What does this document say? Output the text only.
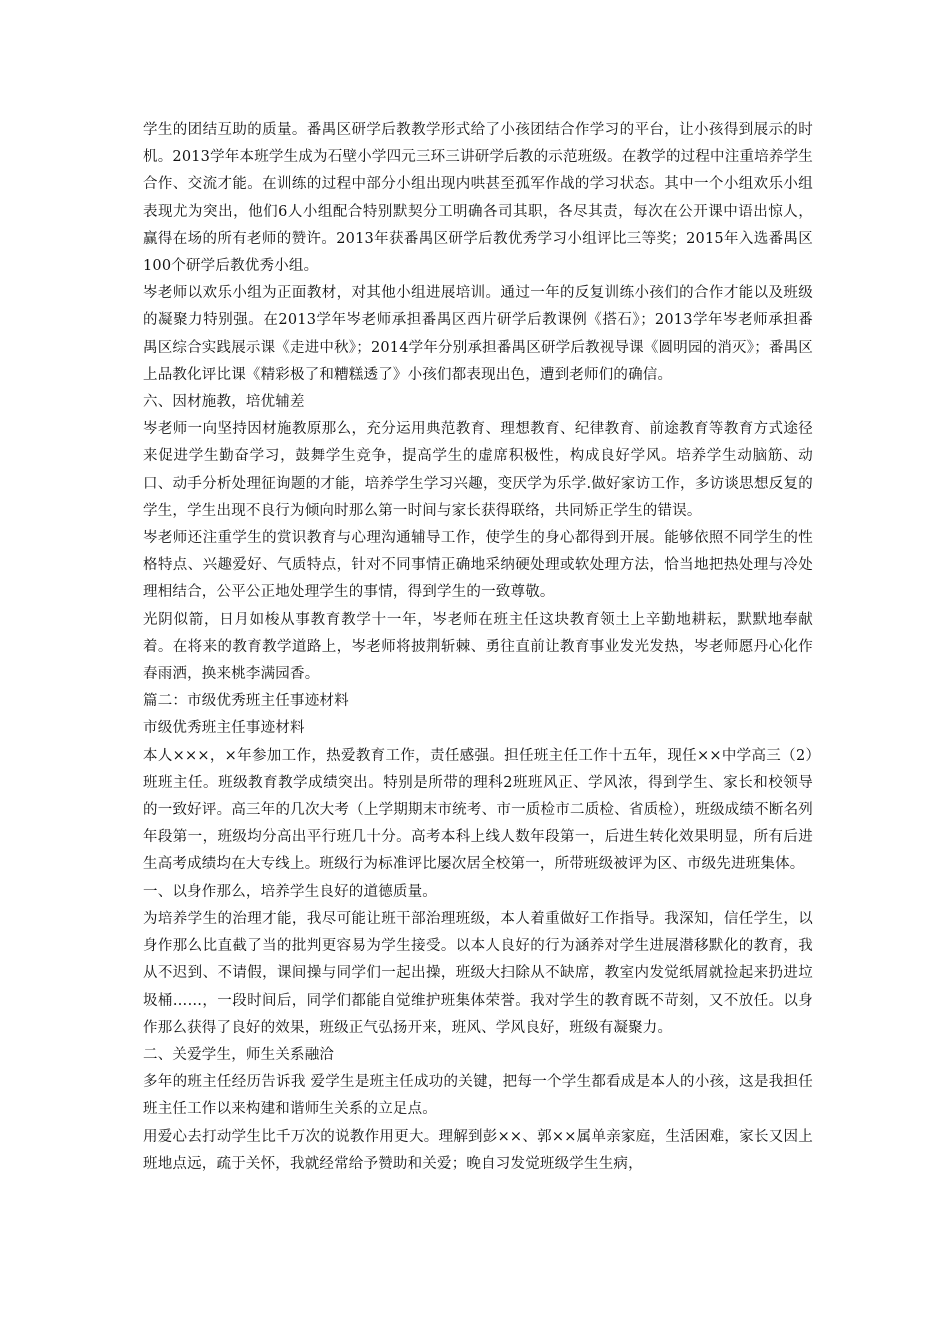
学生的团结互助的质量。番禺区研学后教教学形式给了小孩团结合作学习的平台，让小孩得到展示的时机。2013学年本班学生成为石壁小学四元三环三讲研学后教的示范班级。在教学的过程中注重培养学生合作、交流才能。在训练的过程中部分小组出现内哄甚至孤军作战的学习状态。其中一个小组欢乐小组表现尤为突出，他们6人小组配合特别默契分工明确各司其职，各尽其责，每次在公开课中语出惊人，赢得在场的所有老师的赞许。2013年获番禺区研学后教优秀学习小组评比三等奖；2015年入选番禺区100个研学后教优秀小组。

岑老师以欢乐小组为正面教材，对其他小组进展培训。通过一年的反复训练小孩们的合作才能以及班级的凝聚力特别强。在2013学年岑老师承担番禺区西片研学后教课例《搭石》；2013学年岑老师承担番禺区综合实践展示课《走进中秋》；2014学年分别承担番禺区研学后教视导课《圆明园的消灭》；番禺区上品教化评比课《精彩极了和糟糕透了》小孩们都表现出色，遭到老师们的确信。

六、因材施教，培优辅差

岑老师一向坚持因材施教原那么，充分运用典范教育、理想教育、纪律教育、前途教育等教育方式途径来促进学生勤奋学习，鼓舞学生竞争，提高学生的虚席积极性，构成良好学风。培养学生动脑筋、动口、动手分析处理征询题的才能，培养学生学习兴趣，变厌学为乐学.做好家访工作，多访谈思想反复的学生，学生出现不良行为倾向时那么第一时间与家长获得联络，共同矫正学生的错误。

岑老师还注重学生的赏识教育与心理沟通辅导工作，使学生的身心都得到开展。能够依照不同学生的性格特点、兴趣爱好、气质特点，针对不同事情正确地采纳硬处理或软处理方法，恰当地把热处理与冷处理相结合，公平公正地处理学生的事情，得到学生的一致尊敬。

光阴似箭，日月如梭从事教育教学十一年，岑老师在班主任这块教育领土上辛勤地耕耘，默默地奉献着。在将来的教育教学道路上，岑老师将披荆斩棘、勇往直前让教育事业发光发热，岑老师愿丹心化作春雨洒，换来桃李满园香。

篇二：市级优秀班主任事迹材料

市级优秀班主任事迹材料

本人×××，×年参加工作，热爱教育工作，责任感强。担任班主任工作十五年，现任××中学高三（2）班班主任。班级教育教学成绩突出。特别是所带的理科2班班风正、学风浓，得到学生、家长和校领导的一致好评。高三年的几次大考（上学期期末市统考、市一质检市二质检、省质检），班级成绩不断名列年段第一，班级均分高出平行班几十分。高考本科上线人数年段第一，后进生转化效果明显，所有后进生高考成绩均在大专线上。班级行为标准评比屡次居全校第一，所带班级被评为区、市级先进班集体。

一、以身作那么，培养学生良好的道德质量。

为培养学生的治理才能，我尽可能让班干部治理班级，本人着重做好工作指导。我深知，信任学生，以身作那么比直截了当的批判更容易为学生接受。以本人良好的行为涵养对学生进展潜移默化的教育，我从不迟到、不请假，课间操与同学们一起出操，班级大扫除从不缺席，教室内发觉纸屑就捡起来扔进垃圾桶……，一段时间后，同学们都能自觉维护班集体荣誉。我对学生的教育既不苛刻，又不放任。以身作那么获得了良好的效果，班级正气弘扬开来，班风、学风良好，班级有凝聚力。

二、关爱学生，师生关系融洽

多年的班主任经历告诉我 爱学生是班主任成功的关键，把每一个学生都看成是本人的小孩，这是我担任班主任工作以来构建和谐师生关系的立足点。

用爱心去打动学生比千万次的说教作用更大。理解到彭××、郭××属单亲家庭，生活困难，家长又因上班地点远，疏于关怀，我就经常给予赞助和关爱；晚自习发觉班级学生生病，
